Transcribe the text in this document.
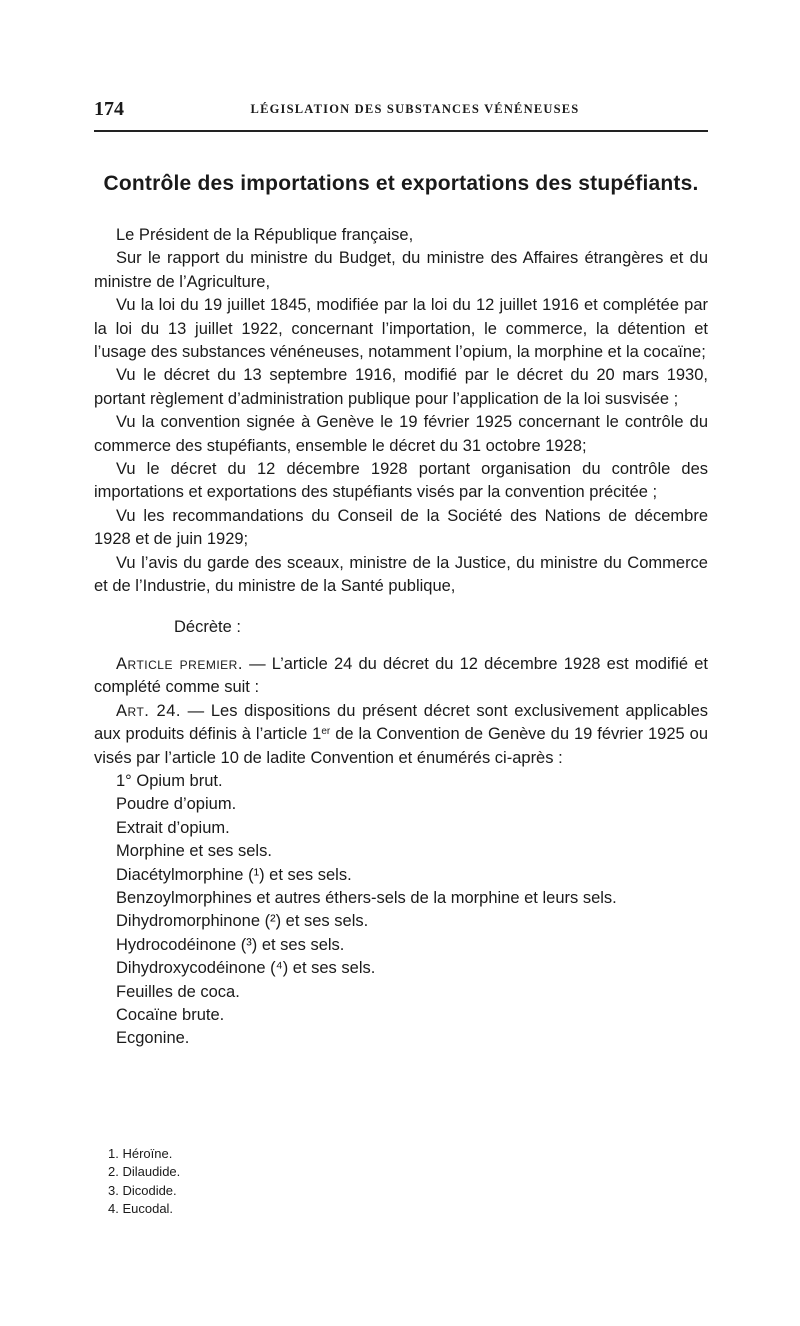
174	LÉGISLATION DES SUBSTANCES VÉNÉNEUSES
Contrôle des importations et exportations des stupéfiants.

Le Président de la République française,

Sur le rapport du ministre du Budget, du ministre des Affaires étrangères et du ministre de l’Agriculture,

Vu la loi du 19 juillet 1845, modifiée par la loi du 12 juillet 1916 et complétée par la loi du 13 juillet 1922, concernant l’importation, le commerce, la détention et l’usage des substances vénéneuses, notamment l’opium, la morphine et la cocaïne;

Vu le décret du 13 septembre 1916, modifié par le décret du 20 mars 1930, portant règlement d’administration publique pour l’application de la loi susvisée ;

Vu la convention signée à Genève le 19 février 1925 concernant le contrôle du commerce des stupéfiants, ensemble le décret du 31 octobre 1928;

Vu le décret du 12 décembre 1928 portant organisation du contrôle des importations et exportations des stupéfiants visés par la convention précitée ;

Vu les recommandations du Conseil de la Société des Nations de décembre 1928 et de juin 1929;

Vu l’avis du garde des sceaux, ministre de la Justice, du ministre du Commerce et de l’Industrie, du ministre de la Santé publique,

Décrète :

Article premier. — L’article 24 du décret du 12 décembre 1928 est modifié et complété comme suit :

Art. 24. — Les dispositions du présent décret sont exclusivement applicables aux produits définis à l’article 1er de la Convention de Genève du 19 février 1925 ou visés par l’article 10 de ladite Convention et énumérés ci-après :

1° Opium brut.
Poudre d’opium.
Extrait d’opium.
Morphine et ses sels.
Diacétylmorphine (¹) et ses sels.
Benzoylmorphines et autres éthers-sels de la morphine et leurs sels.
Dihydromorphinone (²) et ses sels.
Hydrocodéinone (³) et ses sels.
Dihydroxycodéinone (⁴) et ses sels.
Feuilles de coca.
Cocaïne brute.
Ecgonine.
1. Héroïne.
2. Dilaudide.
3. Dicodide.
4. Eucodal.
